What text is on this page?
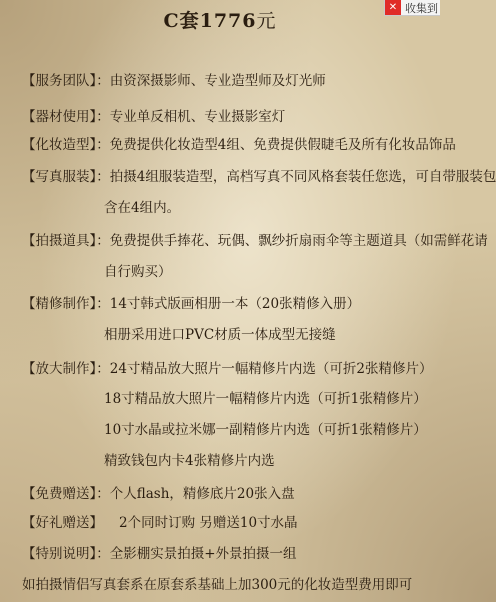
C套1776元
✕ 收集到
【服务团队】：由资深摄影师、专业造型师及灯光师
【器材使用】：专业单反相机、专业摄影室灯
【化妆造型】：免费提供化妆造型4组、免费提供假睫毛及所有化妆品饰品
【写真服装】：拍摄4组服装造型，高档写真不同风格套装任您选，可自带服装包
含在4组内。
【拍摄道具】：免费提供手捧花、玩偶、飘纱折扇雨伞等主题道具（如需鲜花请
自行购买）
【精修制作】：14寸韩式版画相册一本（20张精修入册）
相册采用进口PVC材质一体成型无接缝
【放大制作】：24寸精品放大照片一幅精修片内选（可折2张精修片）
18寸精品放大照片一幅精修片内选（可折1张精修片）
10寸水晶或拉米娜一副精修片内选（可折1张精修片）
精致钱包内卡4张精修片内选
【免费赠送】：个人flash，精修底片20张入盘
【好礼赠送】 2个同时订购 另赠送10寸水晶
【特别说明】：全影棚实景拍摄+外景拍摄一组
如拍摄情侣写真套系在原套系基础上加300元的化妆造型费用即可
